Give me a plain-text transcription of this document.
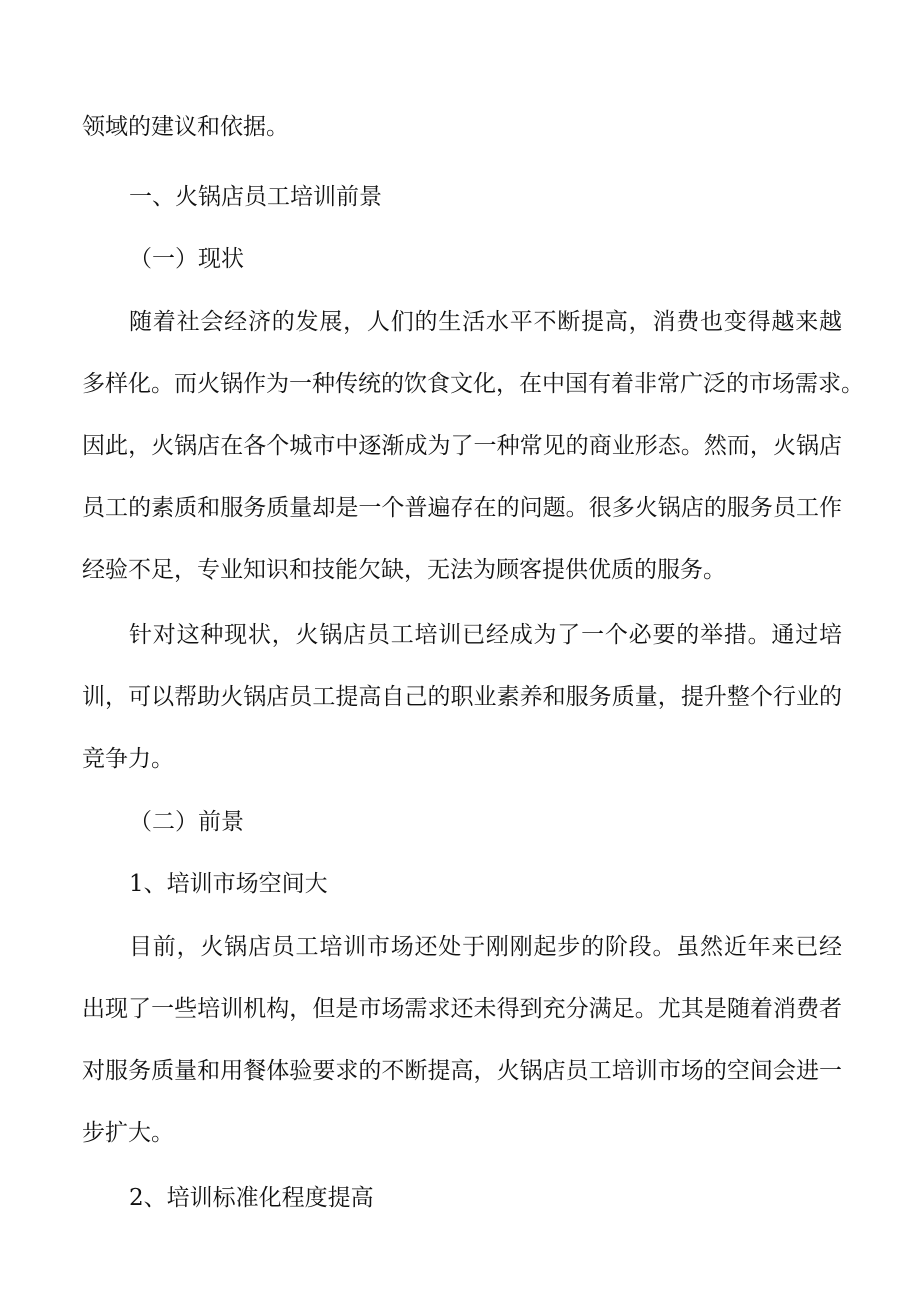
领域的建议和依据。
一、火锅店员工培训前景
（一）现状
随着社会经济的发展，人们的生活水平不断提高，消费也变得越来越
多样化。而火锅作为一种传统的饮食文化，在中国有着非常广泛的市场需求。
因此，火锅店在各个城市中逐渐成为了一种常见的商业形态。然而，火锅店
员工的素质和服务质量却是一个普遍存在的问题。很多火锅店的服务员工作
经验不足，专业知识和技能欠缺，无法为顾客提供优质的服务。
针对这种现状，火锅店员工培训已经成为了一个必要的举措。通过培
训，可以帮助火锅店员工提高自己的职业素养和服务质量，提升整个行业的
竞争力。
（二）前景
1、培训市场空间大
目前，火锅店员工培训市场还处于刚刚起步的阶段。虽然近年来已经
出现了一些培训机构，但是市场需求还未得到充分满足。尤其是随着消费者
对服务质量和用餐体验要求的不断提高，火锅店员工培训市场的空间会进一
步扩大。
2、培训标准化程度提高
